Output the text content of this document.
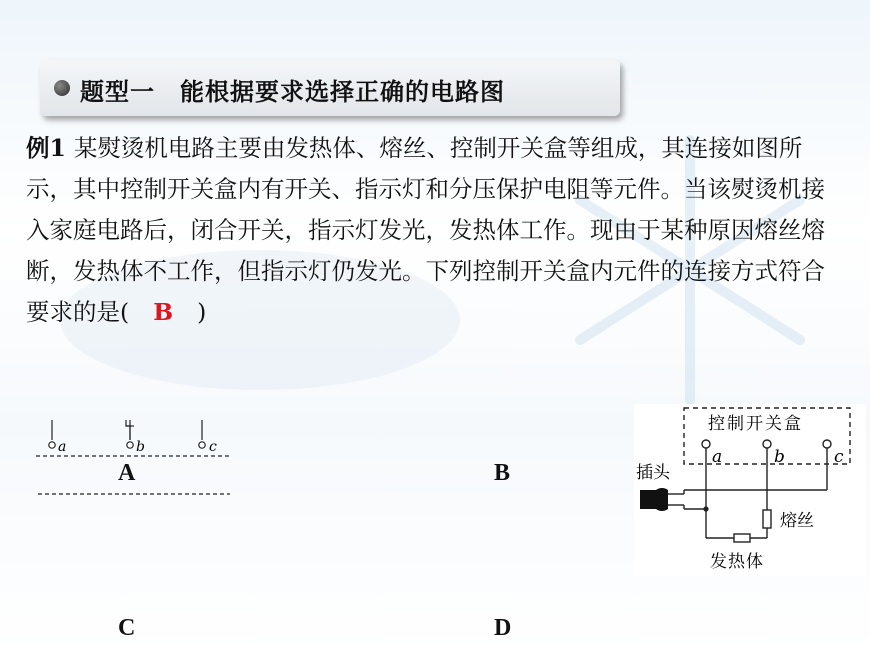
题型一　能根据要求选择正确的电路图
例1 某熨烫机电路主要由发热体、熔丝、控制开关盒等组成，其连接如图所示，其中控制开关盒内有开关、指示灯和分压保护电阻等元件。当该熨烫机接入家庭电路后，闭合开关，指示灯发光，发热体工作。现由于某种原因熔丝熔断，发热体不工作，但指示灯仍发光。下列控制开关盒内元件的连接方式符合要求的是( B )
a	b	c
A	B
C	D
控制开关盒
插头
熔丝
发热体
a	b	c
